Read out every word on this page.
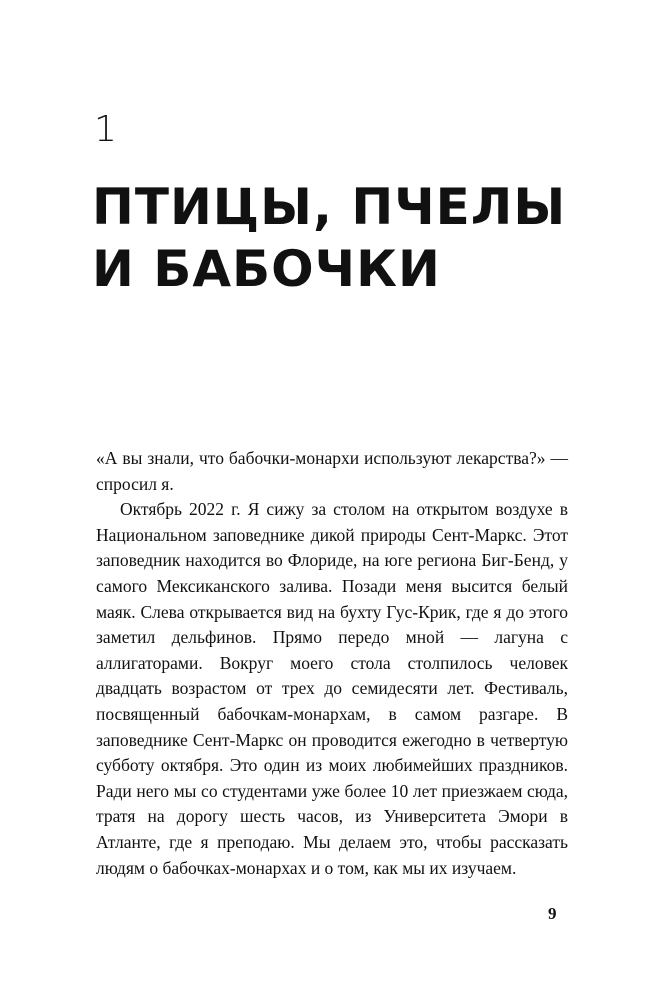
1
ПТИЦЫ, ПЧЕЛЫ
И БАБОЧКИ

«А вы знали, что бабочки-монархи используют лекарства?» — спросил я.

Октябрь 2022 г. Я сижу за столом на открытом воздухе в Национальном заповеднике дикой природы Сент-Маркс. Этот заповедник находится во Флориде, на юге региона Биг-Бенд, у самого Мексиканского залива. Позади меня высится белый маяк. Слева открывается вид на бухту Гус-Крик, где я до этого заметил дельфинов. Прямо передо мной — лагуна с аллигаторами. Вокруг моего стола столпилось человек двадцать возрастом от трех до семидесяти лет. Фестиваль, посвященный бабочкам-монархам, в самом разгаре. В заповеднике Сент-Маркс он проводится ежегодно в четвертую субботу октября. Это один из моих любимейших праздников. Ради него мы со студентами уже более 10 лет приезжаем сюда, тратя на дорогу шесть часов, из Университета Эмори в Атланте, где я преподаю. Мы делаем это, чтобы рассказать людям о бабочках-монархах и о том, как мы их изучаем.

9
